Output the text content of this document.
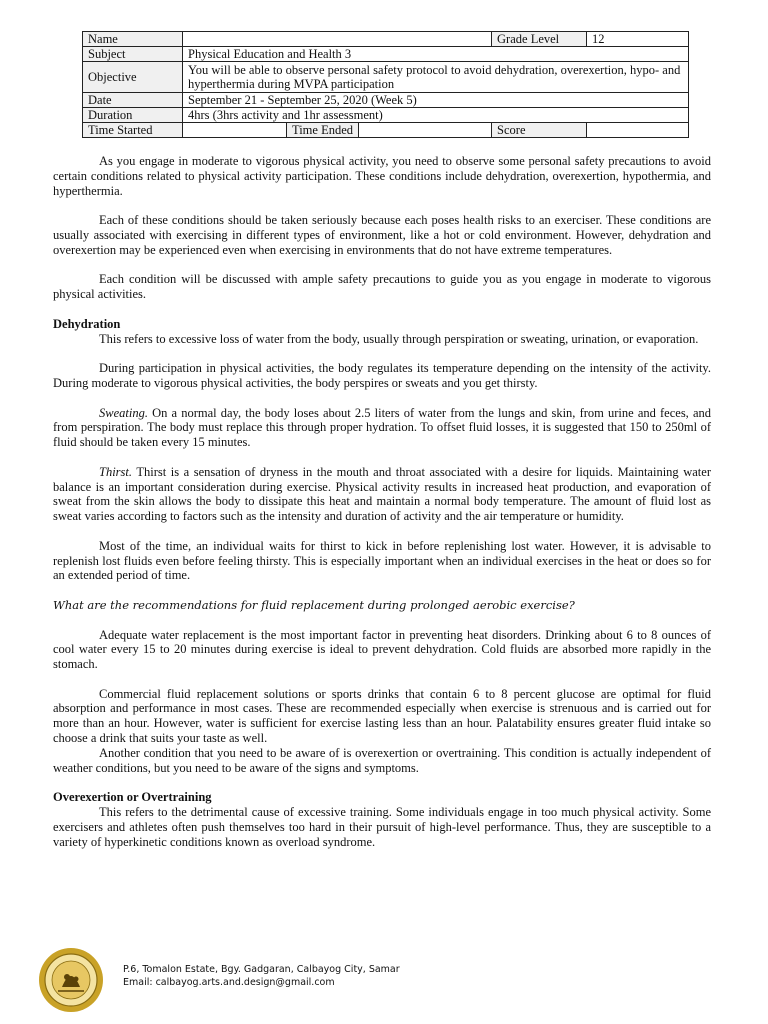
Name				Grade Level	12
Subject	Physical Education and Health 3				
Objective	You will be able to observe personal safety protocol to avoid dehydration, overexertion, hypo- and hyperthermia during MVPA participation				
Date	September 21 - September 25, 2020 (Week 5)				
Duration	4hrs (3hrs activity and 1hr assessment)				
Time Started		Time Ended		Score	

As you engage in moderate to vigorous physical activity, you need to observe some personal safety precautions to avoid certain conditions related to physical activity participation. These conditions include dehydration, overexertion, hypothermia, and hyperthermia.

Each of these conditions should be taken seriously because each poses health risks to an exerciser. These conditions are usually associated with exercising in different types of environment, like a hot or cold environment. However, dehydration and overexertion may be experienced even when exercising in environments that do not have extreme temperatures.

Each condition will be discussed with ample safety precautions to guide you as you engage in moderate to vigorous physical activities.

Dehydration

This refers to excessive loss of water from the body, usually through perspiration or sweating, urination, or evaporation.

During participation in physical activities, the body regulates its temperature depending on the intensity of the activity. During moderate to vigorous physical activities, the body perspires or sweats and you get thirsty.

Sweating. On a normal day, the body loses about 2.5 liters of water from the lungs and skin, from urine and feces, and from perspiration. The body must replace this through proper hydration. To offset fluid losses, it is suggested that 150 to 250ml of fluid should be taken every 15 minutes.

Thirst. Thirst is a sensation of dryness in the mouth and throat associated with a desire for liquids. Maintaining water balance is an important consideration during exercise. Physical activity results in increased heat production, and evaporation of sweat from the skin allows the body to dissipate this heat and maintain a normal body temperature. The amount of fluid lost as sweat varies according to factors such as the intensity and duration of activity and the air temperature or humidity.

Most of the time, an individual waits for thirst to kick in before replenishing lost water. However, it is advisable to replenish lost fluids even before feeling thirsty. This is especially important when an individual exercises in the heat or does so for an extended period of time.

What are the recommendations for fluid replacement during prolonged aerobic exercise?

Adequate water replacement is the most important factor in preventing heat disorders. Drinking about 6 to 8 ounces of cool water every 15 to 20 minutes during exercise is ideal to prevent dehydration. Cold fluids are absorbed more rapidly in the stomach.

Commercial fluid replacement solutions or sports drinks that contain 6 to 8 percent glucose are optimal for fluid absorption and performance in most cases. These are recommended especially when exercise is strenuous and is carried out for more than an hour. However, water is sufficient for exercise lasting less than an hour. Palatability ensures greater fluid intake so choose a drink that suits your taste as well.

Another condition that you need to be aware of is overexertion or overtraining. This condition is actually independent of weather conditions, but you need to be aware of the signs and symptoms.

Overexertion or Overtraining

This refers to the detrimental cause of excessive training. Some individuals engage in too much physical activity. Some exercisers and athletes often push themselves too hard in their pursuit of high-level performance. Thus, they are susceptible to a variety of hyperkinetic conditions known as overload syndrome.

P.6, Tomalon Estate, Bgy. Gadgaran, Calbayog City, Samar
Email: calbayog.arts.and.design@gmail.com
